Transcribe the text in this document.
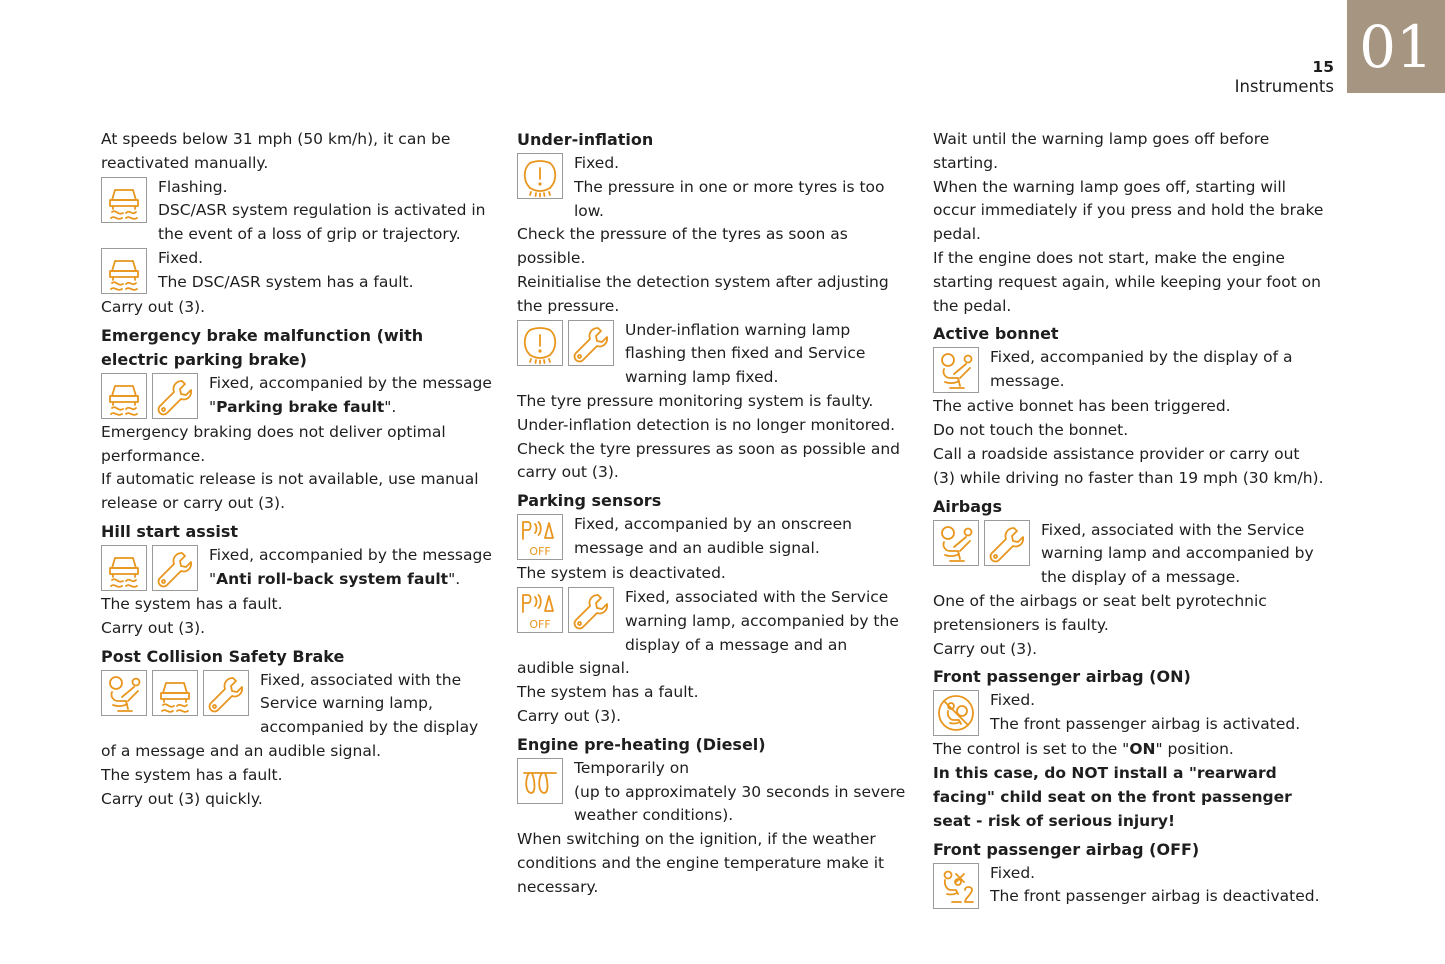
01
15
Instruments

At speeds below 31 mph (50 km/h), it can be reactivated manually.

Flashing.
DSC/ASR system regulation is activated in the event of a loss of grip or trajectory.
Fixed.
The DSC/ASR system has a fault.

Carry out (3).

Emergency brake malfunction (with electric parking brake)
Fixed, accompanied by the message "Parking brake fault".

Emergency braking does not deliver optimal performance.

If automatic release is not available, use manual release or carry out (3).

Hill start assist
Fixed, accompanied by the message "Anti roll-back system fault".

The system has a fault.

Carry out (3).

Post Collision Safety Brake
Fixed, associated with the Service warning lamp, accompanied by the display of a message and an audible signal.

The system has a fault.

Carry out (3) quickly.

Under-inflation
Fixed.
The pressure in one or more tyres is too low.

Check the pressure of the tyres as soon as possible.

Reinitialise the detection system after adjusting the pressure.

Under-inflation warning lamp flashing then fixed and Service warning lamp fixed.

The tyre pressure monitoring system is faulty.

Under-inflation detection is no longer monitored.

Check the tyre pressures as soon as possible and carry out (3).

Parking sensors
OFF
Fixed, accompanied by an onscreen message and an audible signal.

The system is deactivated.

OFF
Fixed, associated with the Service warning lamp, accompanied by the display of a message and an audible signal.

The system has a fault.

Carry out (3).

Engine pre-heating (Diesel)
Temporarily on
(up to approximately 30 seconds in severe weather conditions).

When switching on the ignition, if the weather conditions and the engine temperature make it necessary.

Wait until the warning lamp goes off before starting.

When the warning lamp goes off, starting will occur immediately if you press and hold the brake pedal.

If the engine does not start, make the engine starting request again, while keeping your foot on the pedal.

Active bonnet
Fixed, accompanied by the display of a message.

The active bonnet has been triggered.

Do not touch the bonnet.

Call a roadside assistance provider or carry out (3) while driving no faster than 19 mph (30 km/h).

Airbags
Fixed, associated with the Service warning lamp and accompanied by the display of a message.

One of the airbags or seat belt pyrotechnic pretensioners is faulty.

Carry out (3).

Front passenger airbag (ON)
Fixed.
The front passenger airbag is activated.

The control is set to the "ON" position.

In this case, do NOT install a "rearward facing" child seat on the front passenger seat - risk of serious injury!

Front passenger airbag (OFF)
Fixed.
The front passenger airbag is deactivated.
